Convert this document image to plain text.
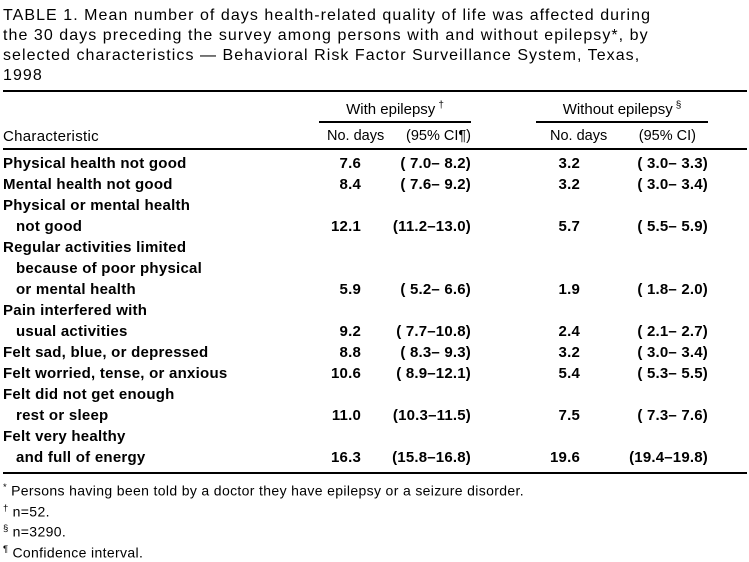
TABLE 1. Mean number of days health-related quality of life was affected during
the 30 days preceding the survey among persons with and without epilepsy*, by
selected characteristics — Behavioral Risk Factor Surveillance System, Texas,
1998
With epilepsy †	Without epilepsy §
Characteristic	No. days (95% CI¶)	No. days (95% CI)
Physical health not good	7.6	( 7.0– 8.2)	3.2	( 3.0– 3.3)
Mental health not good	8.4	( 7.6– 9.2)	3.2	( 3.0– 3.4)
Physical or mental health
not good	12.1	(11.2–13.0)	5.7	( 5.5– 5.9)
Regular activities limited
because of poor physical
or mental health	5.9	( 5.2– 6.6)	1.9	( 1.8– 2.0)
Pain interfered with
usual activities	9.2	( 7.7–10.8)	2.4	( 2.1– 2.7)
Felt sad, blue, or depressed	8.8	( 8.3– 9.3)	3.2	( 3.0– 3.4)
Felt worried, tense, or anxious	10.6	( 8.9–12.1)	5.4	( 5.3– 5.5)
Felt did not get enough
rest or sleep	11.0	(10.3–11.5)	7.5	( 7.3– 7.6)
Felt very healthy
and full of energy	16.3	(15.8–16.8)	19.6	(19.4–19.8)
* Persons having been told by a doctor they have epilepsy or a seizure disorder.
† n=52.
§ n=3290.
¶ Confidence interval.
